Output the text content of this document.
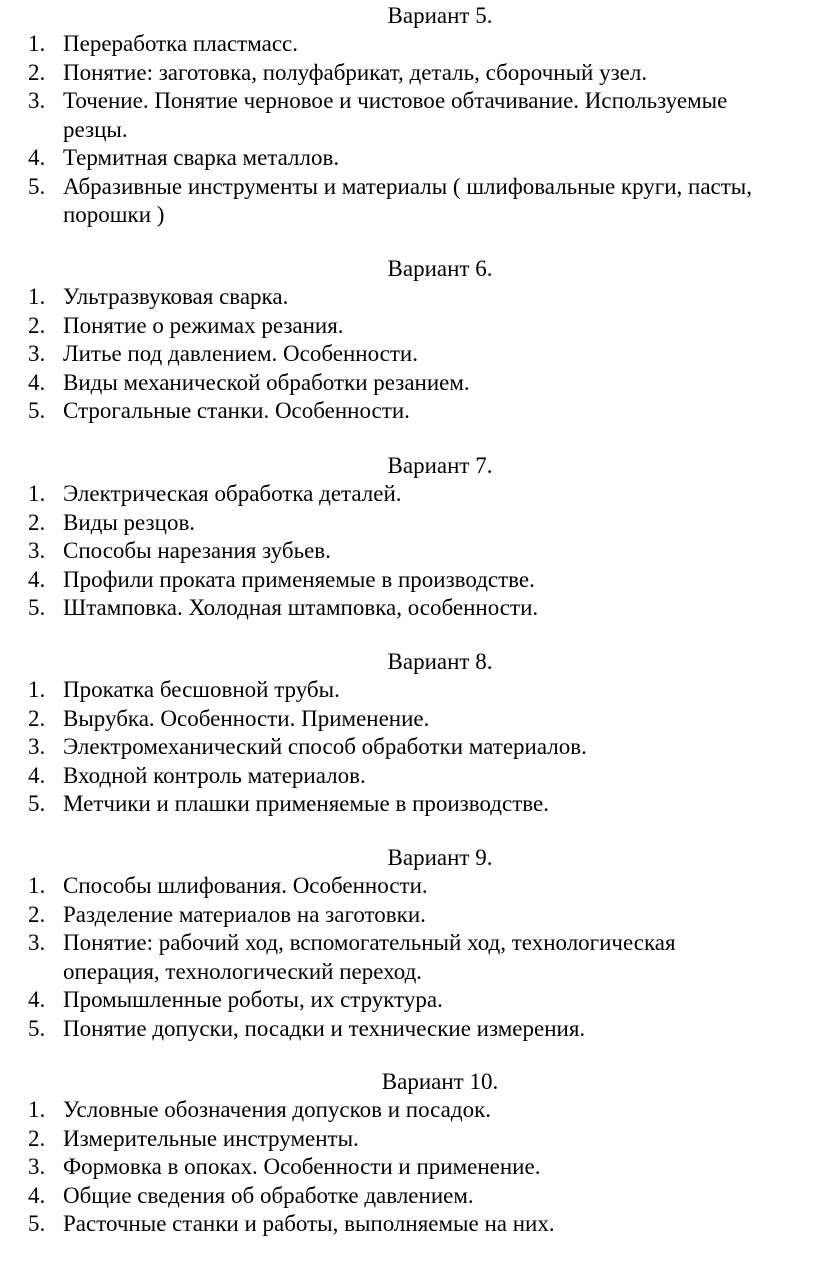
Вариант 5.
1. Переработка пластмасс.
2. Понятие: заготовка, полуфабрикат, деталь, сборочный узел.
3. Точение. Понятие черновое и чистовое обтачивание. Используемые резцы.
4. Термитная сварка металлов.
5. Абразивные инструменты и материалы ( шлифовальные круги, пасты, порошки )
Вариант 6.
1. Ультразвуковая сварка.
2. Понятие о режимах резания.
3. Литье под давлением. Особенности.
4. Виды механической обработки резанием.
5. Строгальные станки. Особенности.
Вариант 7.
1. Электрическая обработка деталей.
2. Виды резцов.
3. Способы нарезания зубьев.
4. Профили проката применяемые в производстве.
5. Штамповка. Холодная штамповка, особенности.
Вариант 8.
1. Прокатка бесшовной трубы.
2. Вырубка. Особенности. Применение.
3. Электромеханический способ обработки материалов.
4. Входной контроль материалов.
5. Метчики и плашки применяемые в производстве.
Вариант 9.
1. Способы шлифования. Особенности.
2. Разделение материалов на заготовки.
3. Понятие: рабочий ход, вспомогательный ход, технологическая операция, технологический переход.
4. Промышленные роботы, их структура.
5. Понятие допуски, посадки и технические измерения.
Вариант 10.
1. Условные обозначения допусков и посадок.
2. Измерительные инструменты.
3. Формовка в опоках. Особенности и применение.
4. Общие сведения об обработке давлением.
5. Расточные станки и работы, выполняемые на них.
